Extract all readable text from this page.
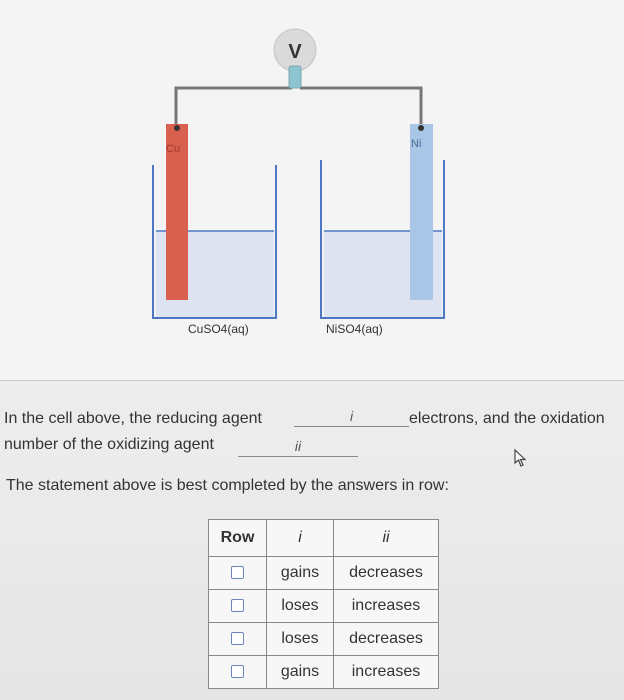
V
Cu
CuSO4(aq)
Ni
NiSO4(aq)
In the cell above, the reducing agent	i	electrons, and the oxidation
number of the oxidizing agent	ii
The statement above is best completed by the answers in row:
Row	i	ii
	gains	decreases
	loses	increases
	loses	decreases
	gains	increases
